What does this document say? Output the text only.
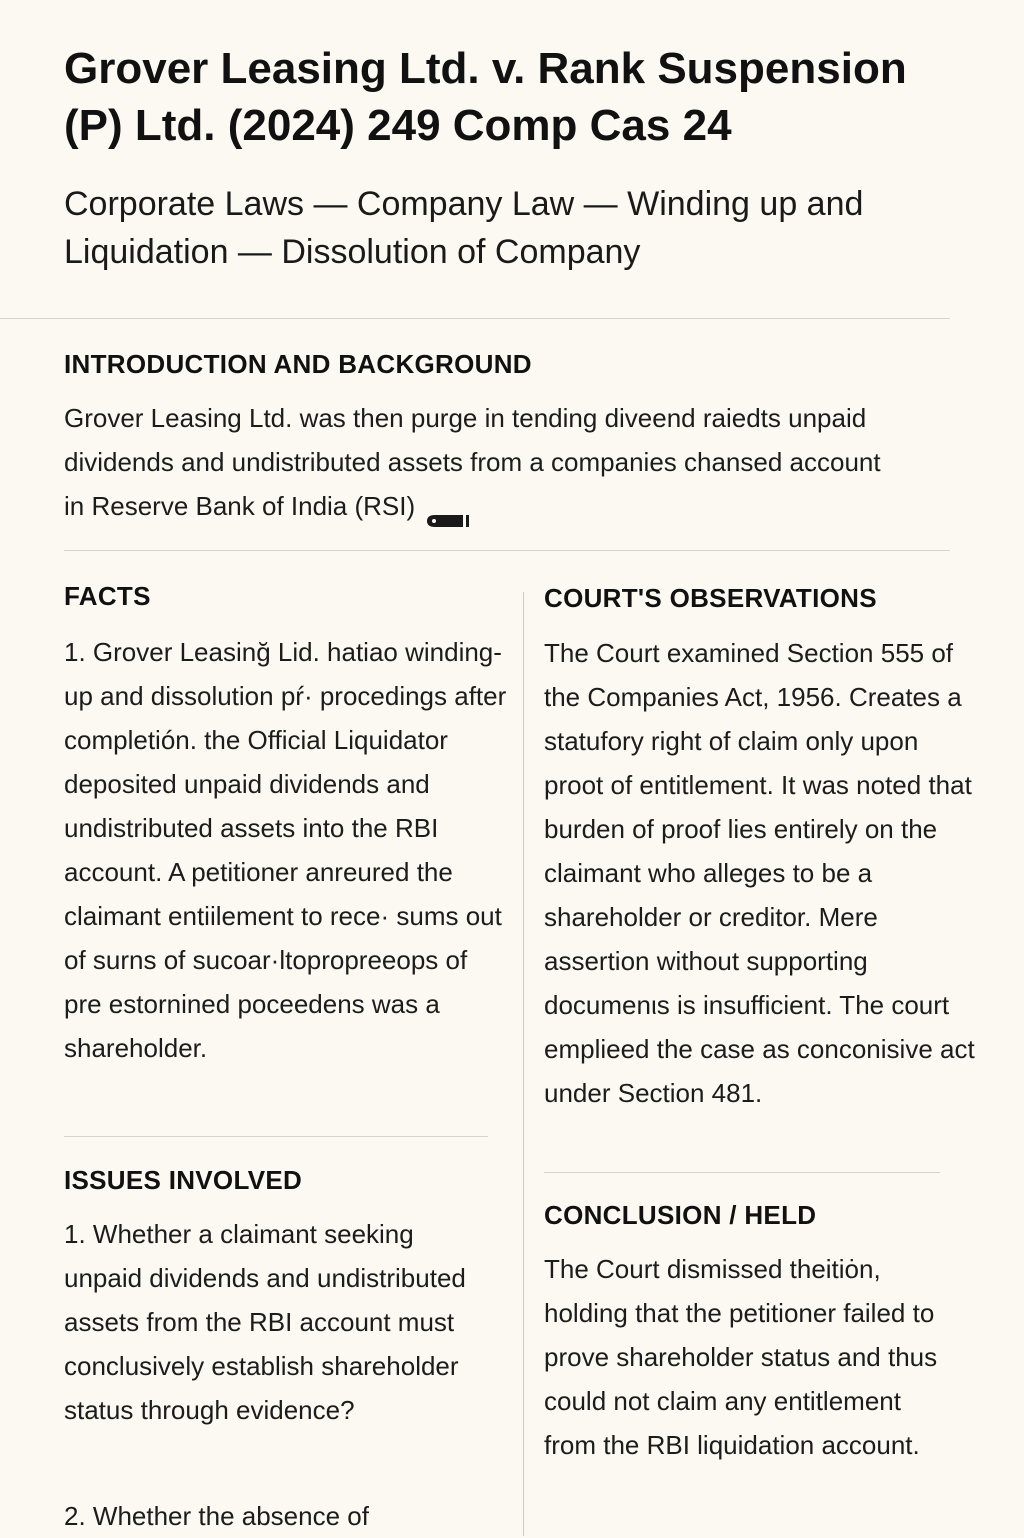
Grover Leasing Ltd. v. Rank Suspension (P) Ltd. (2024) 249 Comp Cas 24
Corporate Laws — Company Law — Winding up and Liquidation — Dissolution of Company
INTRODUCTION AND BACKGROUND

Grover Leasing Ltd. was then purge in tending diveend raiedts unpaid dividends and undistributed assets from a companies chansed account in Reserve Bank of India (RSI)

FACTS

1. Grover Leasinğ Lid. hatiao winding-up and dissolution pŕ· procedings after completión. the Official Liquidator deposited unpaid dividends and undistributed assets into the RBI account. A petitioner anreured the claimant entiilement to rece· sums out of surns of sucoar·ltopropreeops of pre estornined poceedens was a shareholder.

ISSUES INVOLVED

1. Whether a claimant seeking unpaid dividends and undistributed assets from the RBI account must conclusively establish shareholder status through evidence?

2. Whether the absence of

COURT'S OBSERVATIONS

The Court examined Section 555 of the Companies Act, 1956. Creates a statufory right of claim only upon proot of entitlement. It was noted that burden of proof lies entirely on the claimant who alleges to be a shareholder or creditor. Mere assertion without supporting documenιs is insufficient. The court emplieed the case as conconisive act under Section 481.

CONCLUSION / HELD

The Court dismissed theitiȯn, holding that the petitioner failed to prove shareholder status and thus could not claim any entitlement from the RBI liquidation account.
